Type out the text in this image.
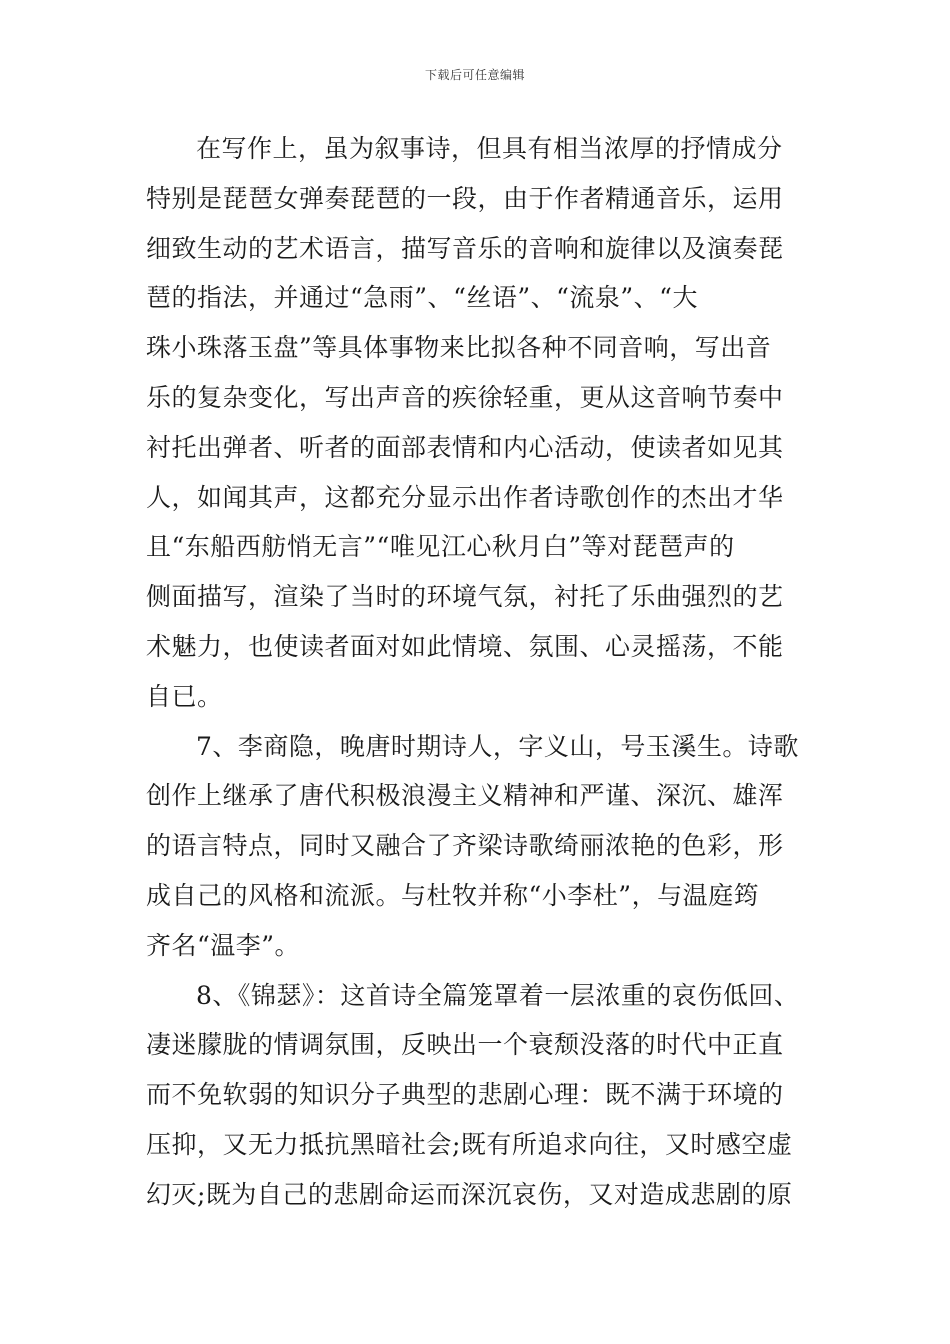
下载后可任意编辑
在写作上，虽为叙事诗，但具有相当浓厚的抒情成分
特别是琵琶女弹奏琵琶的一段，由于作者精通音乐，运用
细致生动的艺术语言，描写音乐的音响和旋律以及演奏琵
琶的指法，并通过“急雨”、“丝语”、“流泉”、“大
珠小珠落玉盘”等具体事物来比拟各种不同音响，写出音
乐的复杂变化，写出声音的疾徐轻重，更从这音响节奏中
衬托出弹者、听者的面部表情和内心活动，使读者如见其
人，如闻其声，这都充分显示出作者诗歌创作的杰出才华
且“东船西舫悄无言”“唯见江心秋月白”等对琵琶声的
侧面描写，渲染了当时的环境气氛，衬托了乐曲强烈的艺
术魅力，也使读者面对如此情境、氛围、心灵摇荡，不能
自已。
7、李商隐，晚唐时期诗人，字义山，号玉溪生。诗歌
创作上继承了唐代积极浪漫主义精神和严谨、深沉、雄浑
的语言特点，同时又融合了齐梁诗歌绮丽浓艳的色彩，形
成自己的风格和流派。与杜牧并称“小李杜”，与温庭筠
齐名“温李”。
8、《锦瑟》：这首诗全篇笼罩着一层浓重的哀伤低回、
凄迷朦胧的情调氛围，反映出一个衰颓没落的时代中正直
而不免软弱的知识分子典型的悲剧心理：既不满于环境的
压抑，又无力抵抗黑暗社会;既有所追求向往，又时感空虚
幻灭;既为自己的悲剧命运而深沉哀伤，又对造成悲剧的原
